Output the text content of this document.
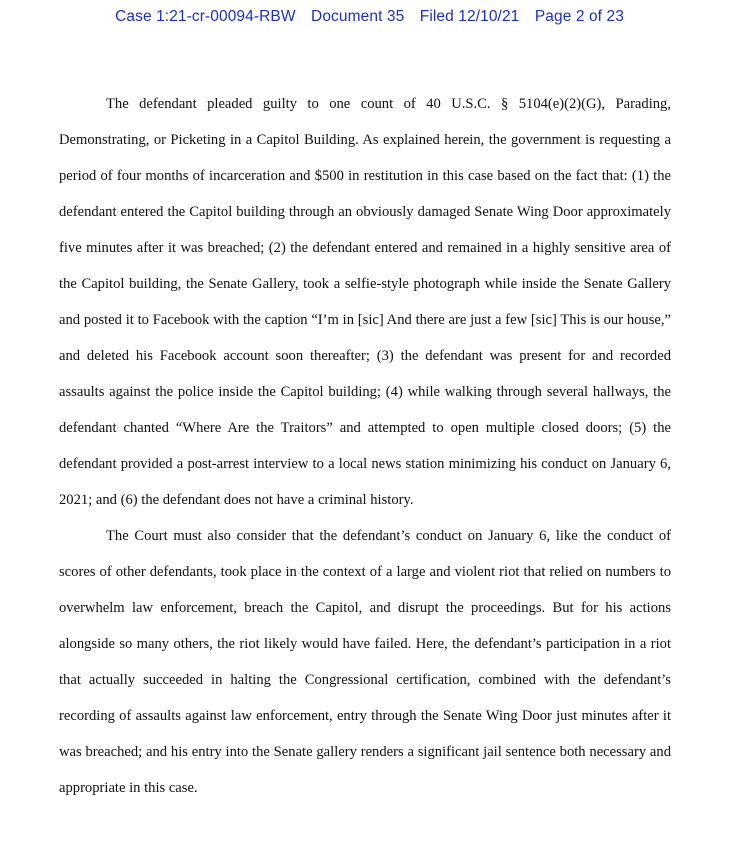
Case 1:21-cr-00094-RBW Document 35 Filed 12/10/21 Page 2 of 23

The defendant pleaded guilty to one count of 40 U.S.C. § 5104(e)(2)(G), Parading, Demonstrating, or Picketing in a Capitol Building. As explained herein, the government is requesting a period of four months of incarceration and $500 in restitution in this case based on the fact that: (1) the defendant entered the Capitol building through an obviously damaged Senate Wing Door approximately five minutes after it was breached; (2) the defendant entered and remained in a highly sensitive area of the Capitol building, the Senate Gallery, took a selfie-style photograph while inside the Senate Gallery and posted it to Facebook with the caption “I’m in [sic] And there are just a few [sic] This is our house,” and deleted his Facebook account soon thereafter; (3) the defendant was present for and recorded assaults against the police inside the Capitol building; (4) while walking through several hallways, the defendant chanted “Where Are the Traitors” and attempted to open multiple closed doors; (5) the defendant provided a post-arrest interview to a local news station minimizing his conduct on January 6, 2021; and (6) the defendant does not have a criminal history.

The Court must also consider that the defendant’s conduct on January 6, like the conduct of scores of other defendants, took place in the context of a large and violent riot that relied on numbers to overwhelm law enforcement, breach the Capitol, and disrupt the proceedings. But for his actions alongside so many others, the riot likely would have failed. Here, the defendant’s participation in a riot that actually succeeded in halting the Congressional certification, combined with the defendant’s recording of assaults against law enforcement, entry through the Senate Wing Door just minutes after it was breached; and his entry into the Senate gallery renders a significant jail sentence both necessary and appropriate in this case.
